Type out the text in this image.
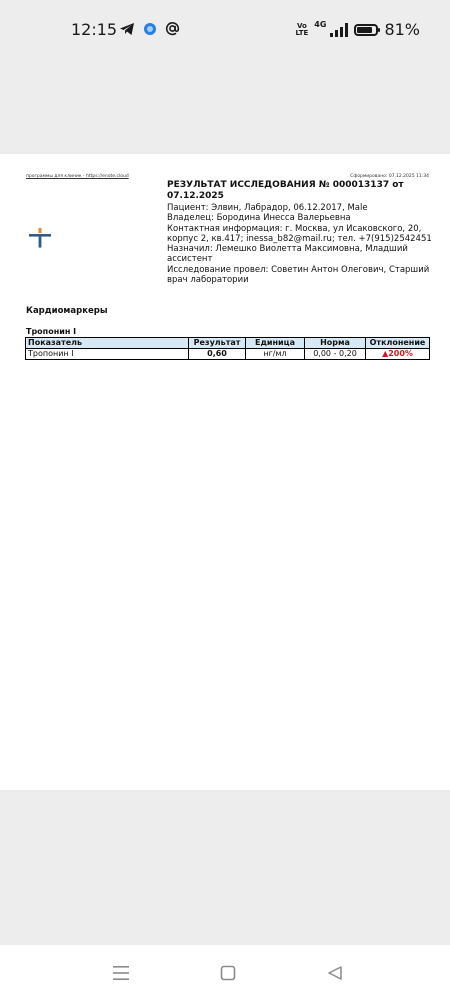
12:15	Vo
LTE
4G	81%
программы для клиник - https://enote.cloud	Сформировано: 07.12.2025 11:34

РЕЗУЛЬТАТ ИССЛЕДОВАНИЯ № 000013137 от 07.12.2025

Пациент: Элвин, Лабрадор, 06.12.2017, Male

Владелец: Бородина Инесса Валерьевна

Контактная информация: г. Москва, ул Исаковского, 20, корпус 2, кв.417; inessa_b82@mail.ru; тел. +7(915)2542451

Назначил: Лемешко Виолетта Максимовна, Младший ассистент

Исследование провел: Советин Антон Олегович, Старший врач лаборатории

Кардиомаркеры
Тропонин I
Показатель	Результат	Единица	Норма	Отклонение
Тропонин I	0,60	нг/мл	0,00 - 0,20	▲200%
